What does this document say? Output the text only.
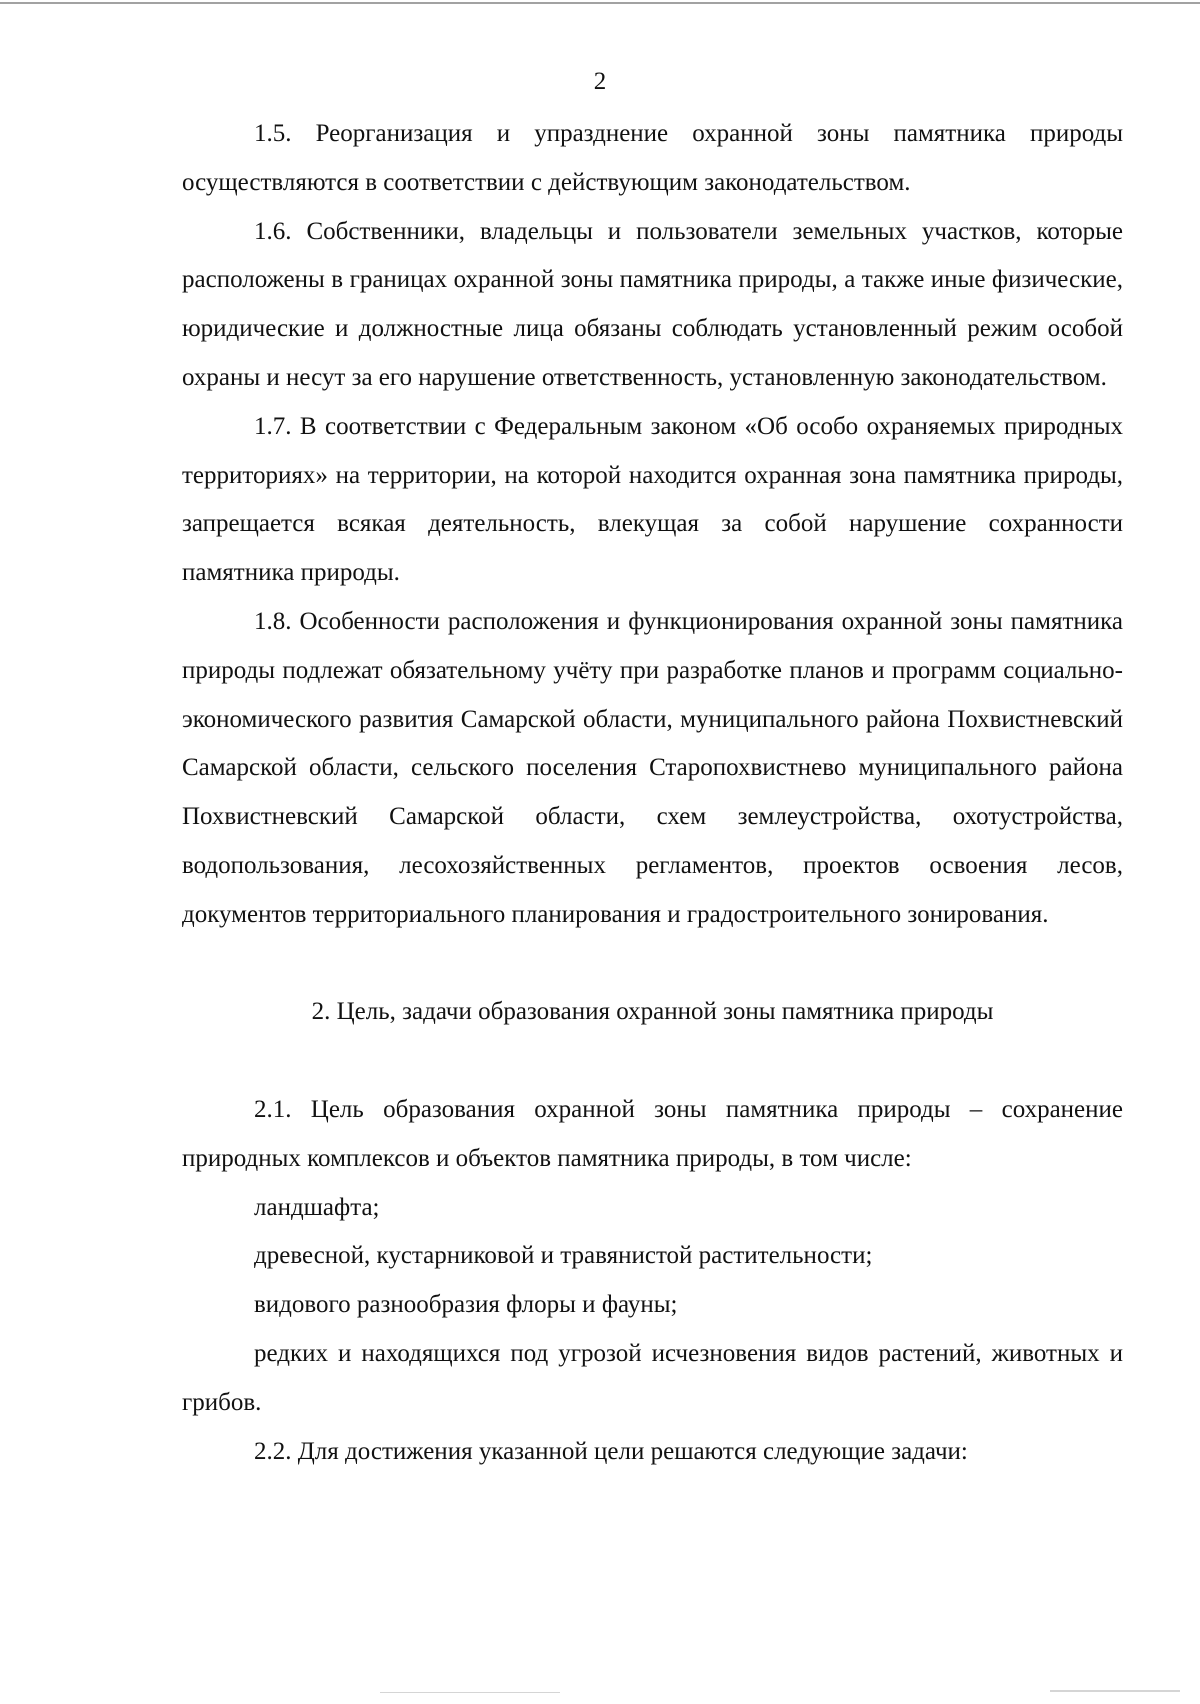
2

1.5. Реорганизация и упразднение охранной зоны памятника природы осуществляются в соответствии с действующим законодательством.

1.6. Собственники, владельцы и пользователи земельных участков, которые расположены в границах охранной зоны памятника природы, а также иные физические, юридические и должностные лица обязаны соблюдать установленный режим особой охраны и несут за его нарушение ответственность, установленную законодательством.

1.7. В соответствии с Федеральным законом «Об особо охраняемых природных территориях» на территории, на которой находится охранная зона памятника природы, запрещается всякая деятельность, влекущая за собой нарушение сохранности памятника природы.

1.8. Особенности расположения и функционирования охранной зоны памятника природы подлежат обязательному учёту при разработке планов и программ социально-экономического развития Самарской области, муниципального района Похвистневский Самарской области, сельского поселения Старопохвистнево муниципального района Похвистневский Самарской области, схем землеустройства, охотустройства, водопользования, лесохозяйственных регламентов, проектов освоения лесов, документов территориального планирования и градостроительного зонирования.

2. Цель, задачи образования охранной зоны памятника природы

2.1. Цель образования охранной зоны памятника природы – сохранение природных комплексов и объектов памятника природы, в том числе:

ландшафта;

древесной, кустарниковой и травянистой растительности;

видового разнообразия флоры и фауны;

редких и находящихся под угрозой исчезновения видов растений, животных и грибов.

2.2. Для достижения указанной цели решаются следующие задачи:
